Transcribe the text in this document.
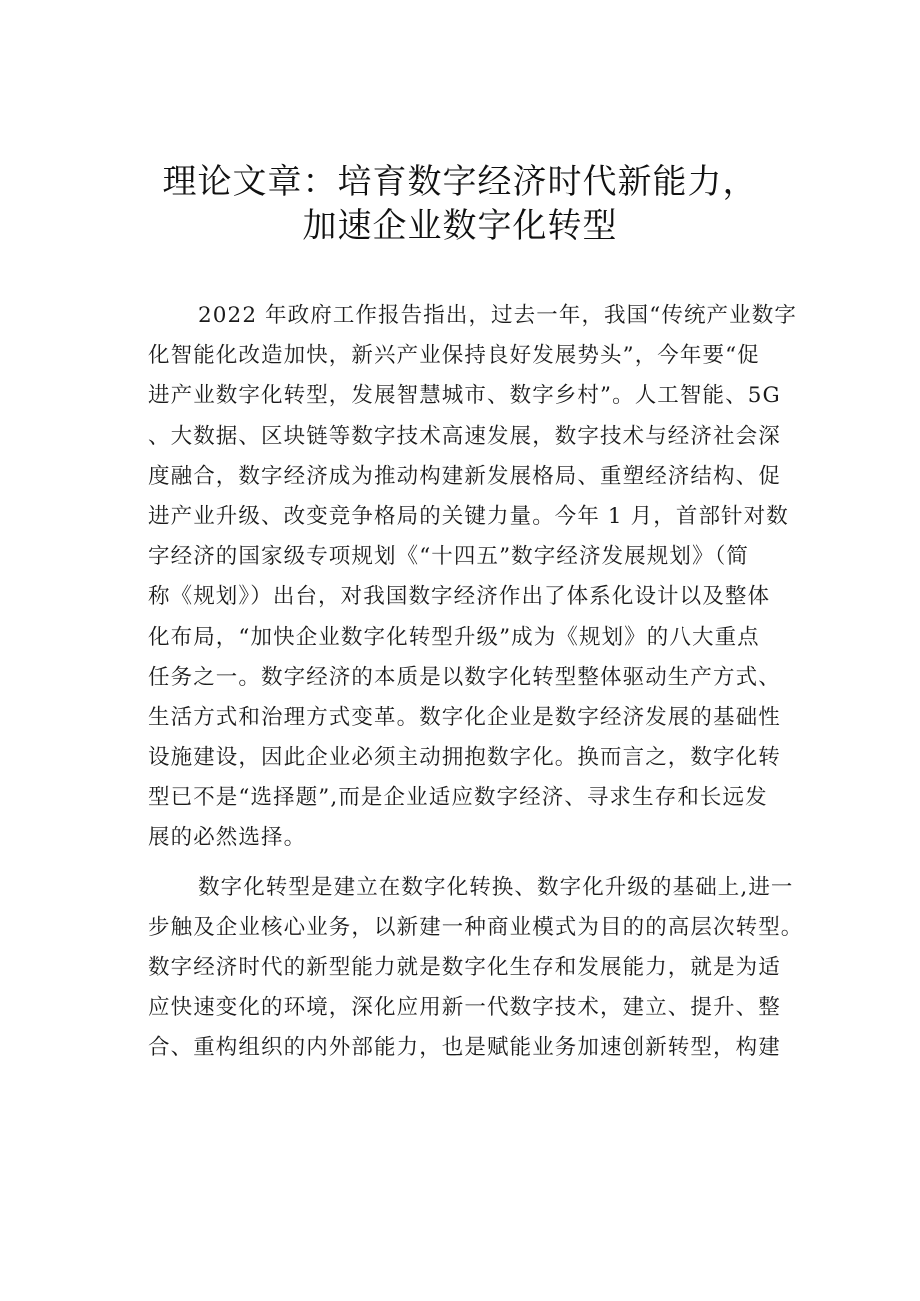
理论文章：培育数字经济时代新能力，
加速企业数字化转型
2022 年政府工作报告指出，过去一年，我国“传统产业数字
化智能化改造加快，新兴产业保持良好发展势头”，今年要“促
进产业数字化转型，发展智慧城市、数字乡村”。人工智能、5G
、大数据、区块链等数字技术高速发展，数字技术与经济社会深
度融合，数字经济成为推动构建新发展格局、重塑经济结构、促
进产业升级、改变竞争格局的关键力量。今年 1 月，首部针对数
字经济的国家级专项规划《“十四五”数字经济发展规划》（简
称《规划》）出台，对我国数字经济作出了体系化设计以及整体
化布局，“加快企业数字化转型升级”成为《规划》的八大重点
任务之一。数字经济的本质是以数字化转型整体驱动生产方式、
生活方式和治理方式变革。数字化企业是数字经济发展的基础性
设施建设，因此企业必须主动拥抱数字化。换而言之，数字化转
型已不是“选择题”,而是企业适应数字经济、寻求生存和长远发
展的必然选择。
数字化转型是建立在数字化转换、数字化升级的基础上,进一
步触及企业核心业务，以新建一种商业模式为目的的高层次转型。
数字经济时代的新型能力就是数字化生存和发展能力，就是为适
应快速变化的环境，深化应用新一代数字技术，建立、提升、整
合、重构组织的内外部能力，也是赋能业务加速创新转型，构建
